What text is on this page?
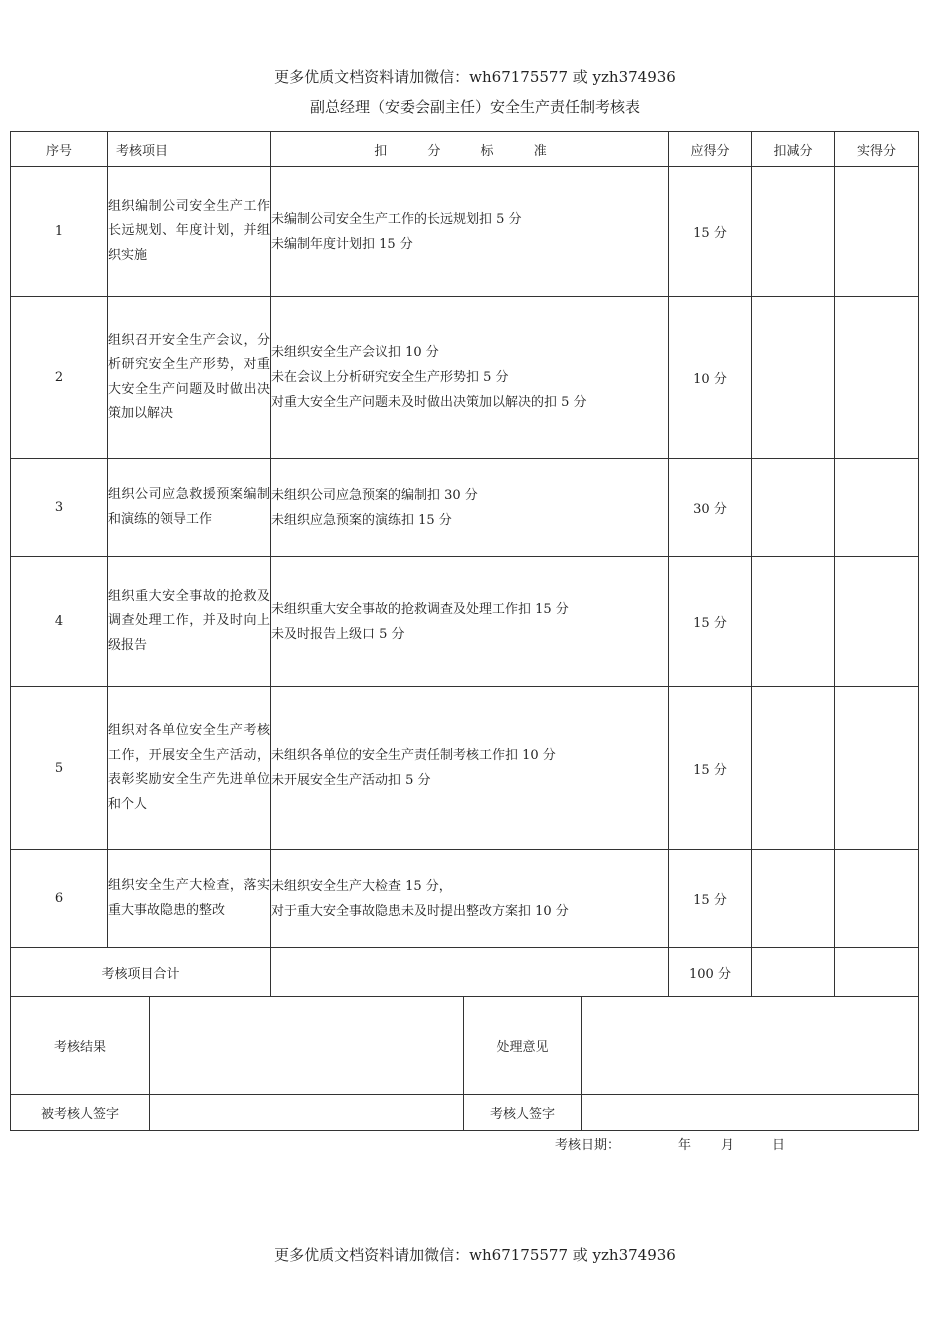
更多优质文档资料请加微信：wh67175577 或 yzh374936
副总经理（安委会副主任）安全生产责任制考核表
序号	考核项目	扣 分 标 准	应得分	扣减分	实得分
1	组织编制公司安全生产工作长远规划、年度计划，并组织实施	未编制公司安全生产工作的长远规划扣 5 分
未编制年度计划扣 15 分	15 分		
2	组织召开安全生产会议，分析研究安全生产形势，对重大安全生产问题及时做出决策加以解决	未组织安全生产会议扣 10 分
未在会议上分析研究安全生产形势扣 5 分
对重大安全生产问题未及时做出决策加以解决的扣 5 分	10 分		
3	组织公司应急救援预案编制和演练的领导工作	未组织公司应急预案的编制扣 30 分
未组织应急预案的演练扣 15 分	30 分		
4	组织重大安全事故的抢救及调查处理工作，并及时向上级报告	未组织重大安全事故的抢救调查及处理工作扣 15 分
未及时报告上级口 5 分	15 分		
5	组织对各单位安全生产考核工作，开展安全生产活动，表彰奖励安全生产先进单位和个人	未组织各单位的安全生产责任制考核工作扣 10 分
未开展安全生产活动扣 5 分	15 分		
6	组织安全生产大检查，落实重大事故隐患的整改	未组织安全生产大检查 15 分，
对于重大安全事故隐患未及时提出整改方案扣 10 分	15 分		
考核项目合计			100 分		
考核结果		处理意见	
被考核人签字		考核人签字	
考核日期：	年 月	日
更多优质文档资料请加微信：wh67175577 或 yzh374936
